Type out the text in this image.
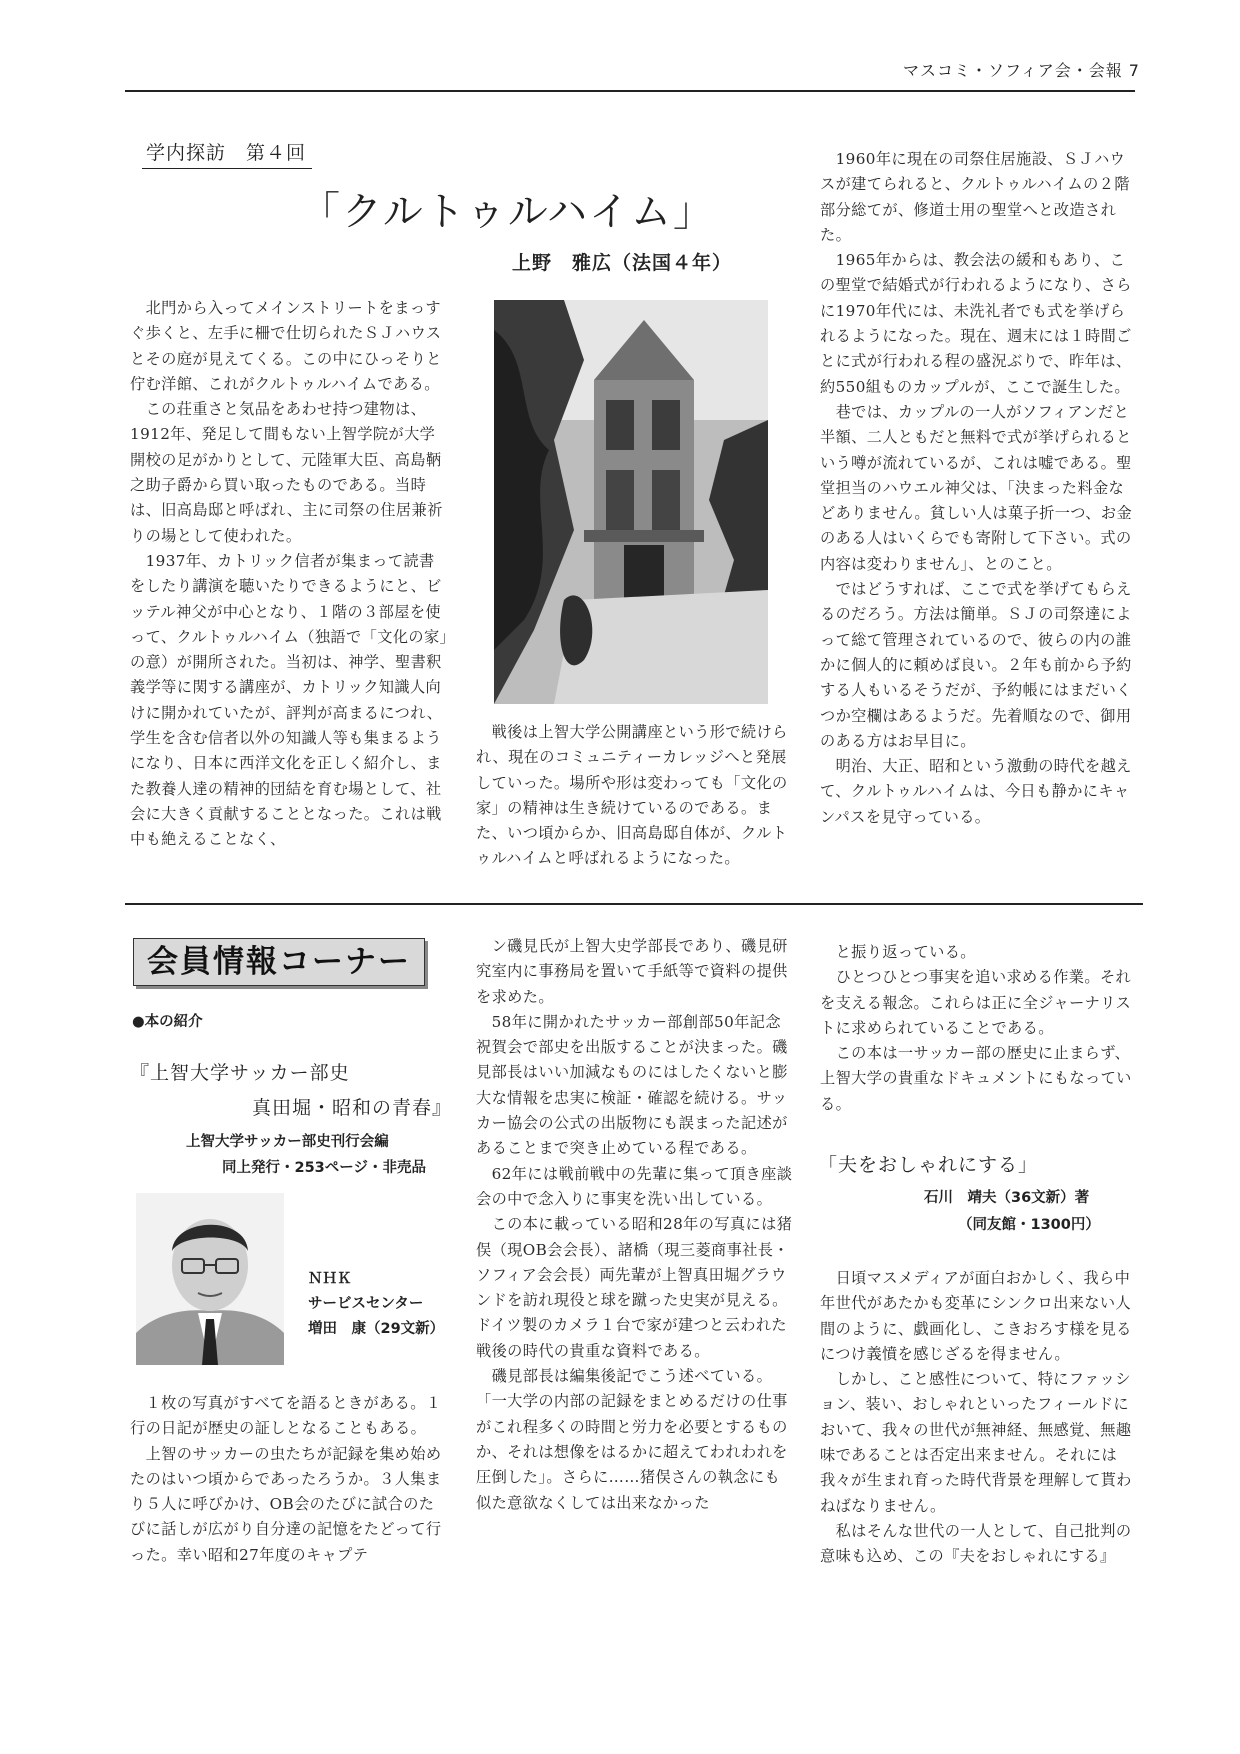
マスコミ・ソフィア会・会報 7
学内探訪　第４回
「クルトゥルハイム」
上野　雅広（法国４年）

　北門から入ってメインストリートをまっすぐ歩くと、左手に柵で仕切られたＳＪハウスとその庭が見えてくる。この中にひっそりと佇む洋館、これがクルトゥルハイムである。

　この荘重さと気品をあわせ持つ建物は、1912年、発足して間もない上智学院が大学開校の足がかりとして、元陸軍大臣、高島鞆之助子爵から買い取ったものである。当時は、旧高島邸と呼ばれ、主に司祭の住居兼祈りの場として使われた。

　1937年、カトリック信者が集まって読書をしたり講演を聴いたりできるようにと、ビッテル神父が中心となり、１階の３部屋を使って、クルトゥルハイム（独語で「文化の家」の意）が開所された。当初は、神学、聖書釈義学等に関する講座が、カトリック知識人向けに開かれていたが、評判が高まるにつれ、学生を含む信者以外の知識人等も集まるようになり、日本に西洋文化を正しく紹介し、また教養人達の精神的団結を育む場として、社会に大きく貢献することとなった。これは戦中も絶えることなく、

　戦後は上智大学公開講座という形で続けられ、現在のコミュニティーカレッジへと発展していった。場所や形は変わっても「文化の家」の精神は生き続けているのである。また、いつ頃からか、旧高島邸自体が、クルトゥルハイムと呼ばれるようになった。

　1960年に現在の司祭住居施設、ＳＪハウスが建てられると、クルトゥルハイムの２階部分総てが、修道士用の聖堂へと改造された。

　1965年からは、教会法の緩和もあり、この聖堂で結婚式が行われるようになり、さらに1970年代には、未洗礼者でも式を挙げられるようになった。現在、週末には１時間ごとに式が行われる程の盛況ぶりで、昨年は、約550組ものカップルが、ここで誕生した。

　巷では、カップルの一人がソフィアンだと半額、二人ともだと無料で式が挙げられるという噂が流れているが、これは嘘である。聖堂担当のハウエル神父は、「決まった料金などありません。貧しい人は菓子折一つ、お金のある人はいくらでも寄附して下さい。式の内容は変わりません」、とのこと。

　ではどうすれば、ここで式を挙げてもらえるのだろう。方法は簡単。ＳＪの司祭達によって総て管理されているので、彼らの内の誰かに個人的に頼めば良い。２年も前から予約する人もいるそうだが、予約帳にはまだいくつか空欄はあるようだ。先着順なので、御用のある方はお早目に。

　明治、大正、昭和という激動の時代を越えて、クルトゥルハイムは、今日も静かにキャンパスを見守っている。

会員情報コーナー
●本の紹介
『上智大学サッカー部史
真田堀・昭和の青春』
上智大学サッカー部史刊行会編
同上発行・253ページ・非売品
ＮＨＫ
サービスセンター
増田　康（29文新）

　１枚の写真がすべてを語るときがある。１行の日記が歴史の証しとなることもある。

　上智のサッカーの虫たちが記録を集め始めたのはいつ頃からであったろうか。３人集まり５人に呼びかけ、OB会のたびに試合のたびに話しが広がり自分達の記憶をたどって行った。幸い昭和27年度のキャプテ

　ン磯見氏が上智大史学部長であり、磯見研究室内に事務局を置いて手紙等で資料の提供を求めた。

　58年に開かれたサッカー部創部50年記念祝賀会で部史を出版することが決まった。磯見部長はいい加減なものにはしたくないと膨大な情報を忠実に検証・確認を続ける。サッカー協会の公式の出版物にも誤まった記述があることまで突き止めている程である。

　62年には戦前戦中の先輩に集って頂き座談会の中で念入りに事実を洗い出している。

　この本に載っている昭和28年の写真には猪俣（現OB会会長）、諸橋（現三菱商事社長・ソフィア会会長）両先輩が上智真田堀グラウンドを訪れ現役と球を蹴った史実が見える。ドイツ製のカメラ１台で家が建つと云われた戦後の時代の貴重な資料である。

　磯見部長は編集後記でこう述べている。「一大学の内部の記録をまとめるだけの仕事がこれ程多くの時間と労力を必要とするものか、それは想像をはるかに超えてわれわれを圧倒した」。さらに……猪俣さんの執念にも似た意欲なくしては出来なかった

　と振り返っている。

　ひとつひとつ事実を追い求める作業。それを支える報念。これらは正に全ジャーナリストに求められていることである。

　この本は一サッカー部の歴史に止まらず、上智大学の貴重なドキュメントにもなっている。

「夫をおしゃれにする」
石川　靖夫（36文新）著
（同友館・1300円）

　日頃マスメディアが面白おかしく、我ら中年世代があたかも変革にシンクロ出来ない人間のように、戯画化し、こきおろす様を見るにつけ義憤を感じざるを得ません。

　しかし、こと感性について、特にファッション、装い、おしゃれといったフィールドにおいて、我々の世代が無神経、無感覚、無趣味であることは否定出来ません。それには我々が生まれ育った時代背景を理解して貰わねばなりません。

　私はそんな世代の一人として、自己批判の意味も込め、この『夫をおしゃれにする』
